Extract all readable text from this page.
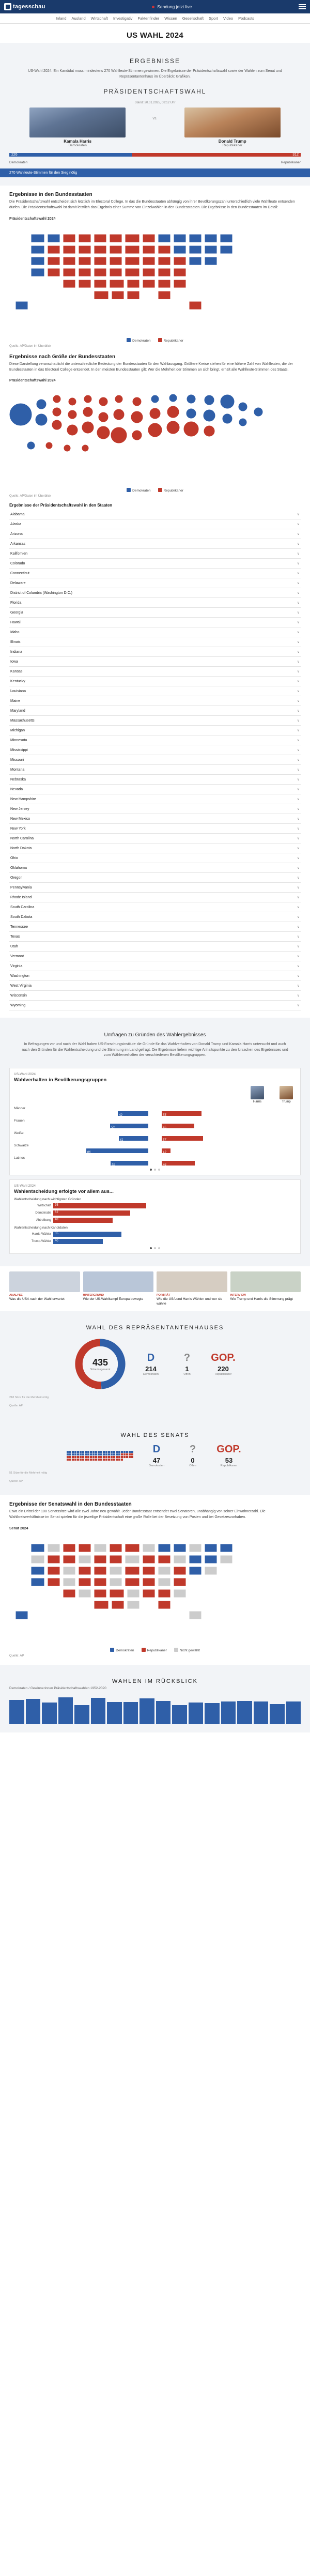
tagesschau	Sendung jetzt live
Inland Ausland Wirtschaft Investigativ Faktenfinder Wissen Gesellschaft Sport Video Podcasts
US WAHL 2024
ERGEBNISSE
US-Wahl 2024: Ein Kandidat muss mindestens 270 Wahlleute-Stimmen gewinnen. Die Ergebnisse der Präsidentschaftswahl sowie der Wahlen zum Senat und Repräsentantenhaus im Überblick: Grafiken.
PRÄSIDENTSCHAFTSWAHL
Stand: 20.01.2025, 08:12 Uhr
Kamala Harris
Demokraten
vs.
Donald Trump
Republikaner
226	312
Demokraten	Republikaner
270 Wahlleute-Stimmen für den Sieg nötig
Ergebnisse in den Bundesstaaten
Die Präsidentschaftswahl entscheidet sich letztlich im Electoral College. In das die Bundesstaaten abhängig von ihrer Bevölkerungszahl unterschiedlich viele Wahlleute entsenden dürfen. Die Präsidentschaftswahl ist damit letztlich das Ergebnis einer Summe von Einzelwahlen in den Bundesstaaten. Die Ergebnisse in den Bundesstaaten im Detail:
Präsidentschaftswahl 2024
Demokraten	Republikaner
Quelle: AP/Daten im Überblick
Ergebnisse nach Größe der Bundesstaaten
Diese Darstellung veranschaulicht die unterschiedliche Bedeutung der Bundesstaaten für den Wahlausgang. Größere Kreise stehen für eine höhere Zahl von Wahlleuten, die der Bundesstaaten in das Electoral College entsendet. In den meisten Bundesstaaten gilt: Wer die Mehrheit der Stimmen an sich bringt, erhält alle Wahlleute-Stimmen des Staats.
Präsidentschaftswahl 2024
Demokraten	Republikaner
Quelle: AP/Daten im Überblick
Ergebnisse der Präsidentschaftswahl in den Staaten
Alabama	∨
Alaska	∨
Arizona	∨
Arkansas	∨
Kalifornien	∨
Colorado	∨
Connecticut	∨
Delaware	∨
District of Columbia (Washington D.C.)	∨
Florida	∨
Georgia	∨
Hawaii	∨
Idaho	∨
Illinois	∨
Indiana	∨
Iowa	∨
Kansas	∨
Kentucky	∨
Louisiana	∨
Maine	∨
Maryland	∨
Massachusetts	∨
Michigan	∨
Minnesota	∨
Mississippi	∨
Missouri	∨
Montana	∨
Nebraska	∨
Nevada	∨
New Hampshire	∨
New Jersey	∨
New Mexico	∨
New York	∨
North Carolina	∨
North Dakota	∨
Ohio	∨
Oklahoma	∨
Oregon	∨
Pennsylvania	∨
Rhode Island	∨
South Carolina	∨
South Dakota	∨
Tennessee	∨
Texas	∨
Utah	∨
Vermont	∨
Virginia	∨
Washington	∨
West Virginia	∨
Wisconsin	∨
Wyoming	∨
Umfragen zu Gründen des Wahlergebnisses
In Befragungen vor und nach der Wahl haben US-Forschungsinstitute die Gründe für das Wahlverhalten von Donald Trump und Kamala Harris untersucht und auch nach den Gründen für die Wahlentscheidung und die Stimmung im Land gefragt. Die Ergebnisse liefern wichtige Anhaltspunkte zu den Ursachen des Ergebnisses und zum Wählerverhalten der verschiedenen Bevölkerungsgruppen.
US-Wahl 2024
Wahlverhalten in Bevölkerungsgruppen
Harris	Trump
Männer
42	55
Frauen
53	45
Weiße
41	57
Schwarze
86	12
Latinos
52	46
US-Wahl 2024
Wahlentscheidung erfolgte vor allem aus...
Wahlentscheidung nach wichtigsten Gründen
Wirtschaft 75
Demokratie 62
Abtreibung 48
Wahlentscheidung nach Kandidaten
Harris-Wähler 55
Trump-Wähler 40
ANALYSE
Was die USA nach der Wahl erwartet
HINTERGRUND
Wie der US-Wahlkampf Europa bewegte
PORTRÄT
Wie die USA und Harris Wählen und wer sie wählte
INTERVIEW
Wie Trump und Harris die Stimmung prägt
WAHL DES REPRÄSENTANTENHAUSES
435
Sitze insgesamt
D
214
Demokraten
?
1
Offen
GOP.
220
Republikaner
218 Sitze für die Mehrheit nötig
Quelle: AP
WAHL DES SENATS
D
47
Demokraten
?
0
Offen
GOP.
53
Republikaner
51 Sitze für die Mehrheit nötig
Quelle: AP
Ergebnisse der Senatswahl in den Bundesstaaten
Etwa ein Drittel der 100 Senatssitze wird alle zwei Jahre neu gewählt. Jeder Bundesstaat entsendet zwei Senatoren, unabhängig von seiner Einwohnerzahl. Die Wahlkreisverhältnisse im Senat spielen für die jeweilige Präsidentschaft eine große Rolle bei der Besetzung von Posten und bei Gesetzesvorhaben.
Senat 2024
Demokraten	Republikaner	Nicht gewählt
Quelle: AP
WAHLEN IM RÜCKBLICK
Demokraten / Gewinnerinnen Präsidentschaftswahlen 1952-2020
